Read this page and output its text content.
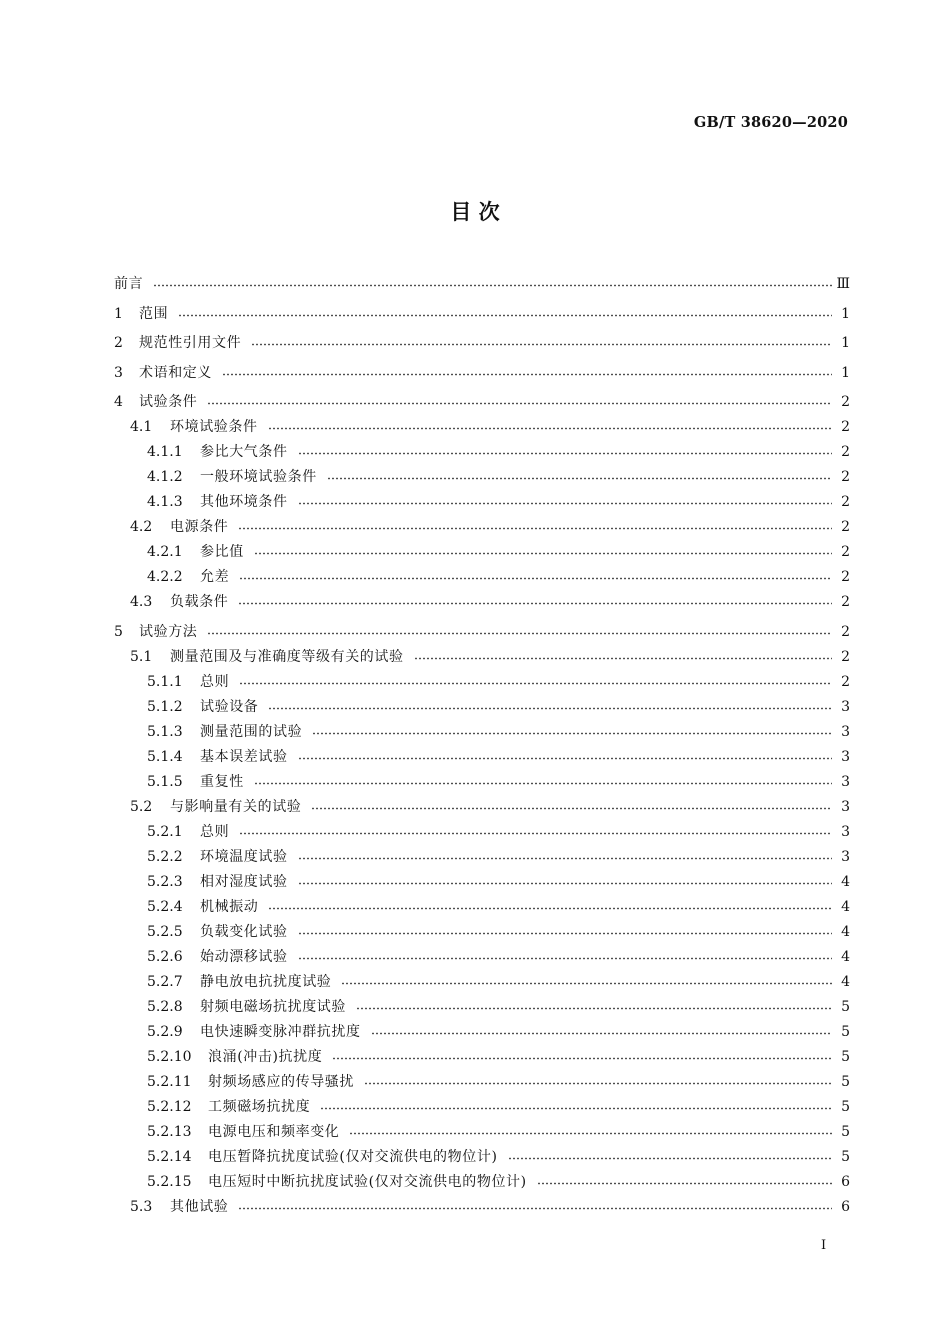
GB/T 38620—2020
目 次
前言	Ⅲ
1	范围	1
2	规范性引用文件	1
3	术语和定义	1
4	试验条件	2
4.1	环境试验条件	2
4.1.1	参比大气条件	2
4.1.2	一般环境试验条件	2
4.1.3	其他环境条件	2
4.2	电源条件	2
4.2.1	参比值	2
4.2.2	允差	2
4.3	负载条件	2
5	试验方法	2
5.1	测量范围及与准确度等级有关的试验	2
5.1.1	总则	2
5.1.2	试验设备	3
5.1.3	测量范围的试验	3
5.1.4	基本误差试验	3
5.1.5	重复性	3
5.2	与影响量有关的试验	3
5.2.1	总则	3
5.2.2	环境温度试验	3
5.2.3	相对湿度试验	4
5.2.4	机械振动	4
5.2.5	负载变化试验	4
5.2.6	始动漂移试验	4
5.2.7	静电放电抗扰度试验	4
5.2.8	射频电磁场抗扰度试验	5
5.2.9	电快速瞬变脉冲群抗扰度	5
5.2.10	浪涌(冲击)抗扰度	5
5.2.11	射频场感应的传导骚扰	5
5.2.12	工频磁场抗扰度	5
5.2.13	电源电压和频率变化	5
5.2.14	电压暂降抗扰度试验(仅对交流供电的物位计)	5
5.2.15	电压短时中断抗扰度试验(仅对交流供电的物位计)	6
5.3	其他试验	6
I
